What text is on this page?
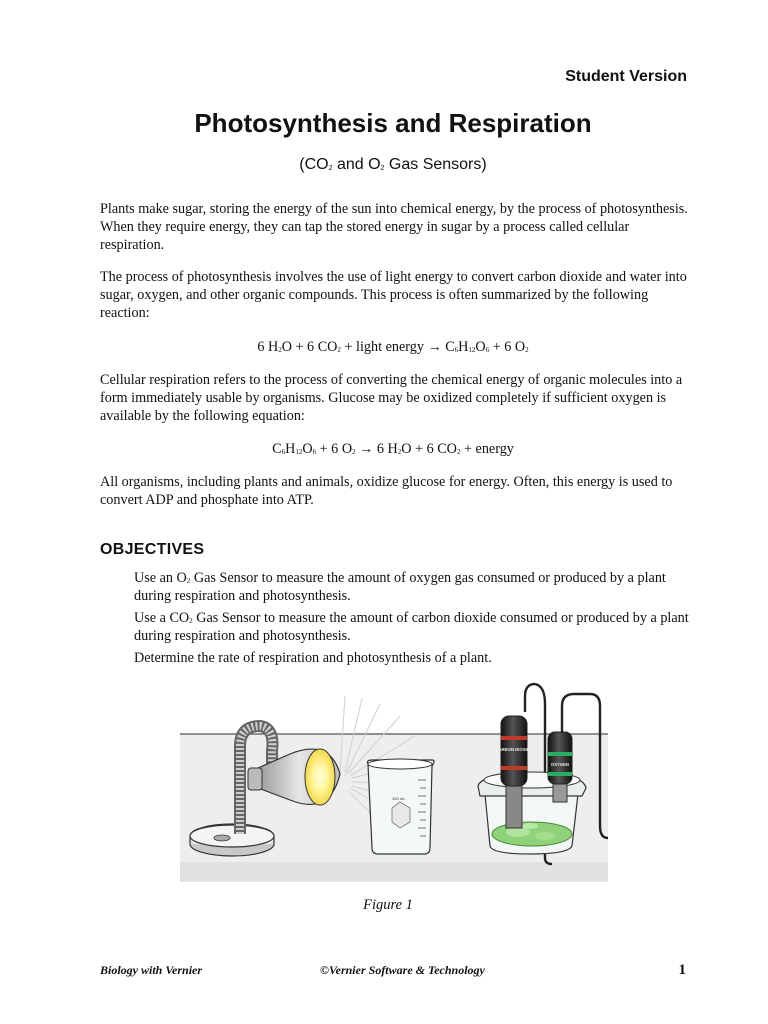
Student Version
Photosynthesis and Respiration
($CO_2$ and $O_2$ Gas Sensors)
Plants make sugar, storing the energy of the sun into chemical energy, by the process of photosynthesis. When they require energy, they can tap the stored energy in sugar by a process called cellular respiration.
The process of photosynthesis involves the use of light energy to convert carbon dioxide and water into sugar, oxygen, and other organic compounds. This process is often summarized by the following reaction:
6 $H_2O + 6$ $CO_2$ + light energy → $C_6H_{12}O_6 + 6$ $O_2$
Cellular respiration refers to the process of converting the chemical energy of organic molecules into a form immediately usable by organisms. Glucose may be oxidized completely if sufficient oxygen is available by the following equation:
$C_6H_{12}O_6 + 6$ $O_2 \to 6$ $H_2O + 6$ $CO_2$ + energy
All organisms, including plants and animals, oxidize glucose for energy. Often, this energy is used to convert ADP and phosphate into ATP.
OBJECTIVES
Use an $O_2$ Gas Sensor to measure the amount of oxygen gas consumed or produced by a plant during respiration and photosynthesis.
Use a $CO_2$ Gas Sensor to measure the amount of carbon dioxide consumed or produced by a plant during respiration and photosynthesis.
Determine the rate of respiration and photosynthesis of a plant.
100 mL
CARBON DIOXIDE
OXYGEN
Figure 1
Biology with Vernier	©Vernier Software & Technology	1
